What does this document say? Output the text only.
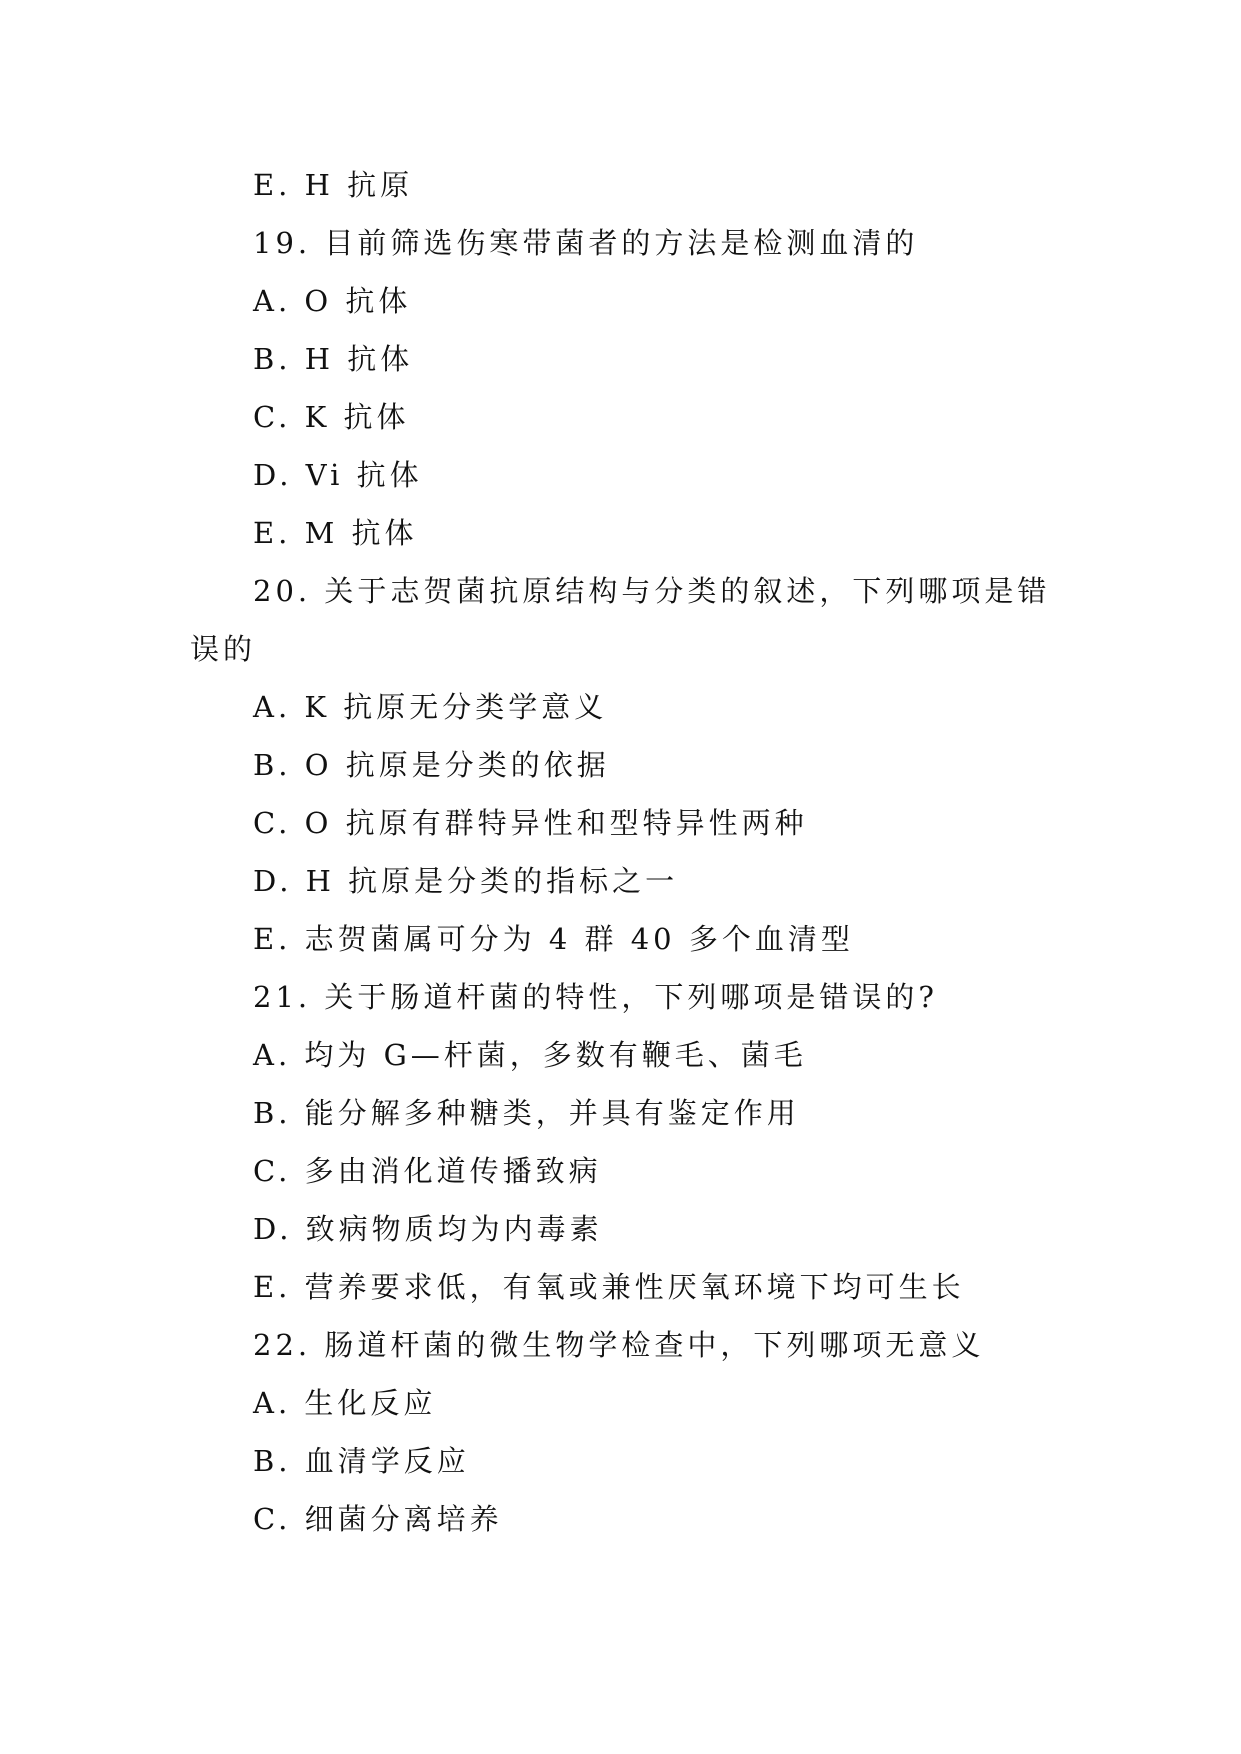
E. H 抗原
19. 目前筛选伤寒带菌者的方法是检测血清的
A. O 抗体
B. H 抗体
C. K 抗体
D. Vi 抗体
E. M 抗体
20. 关于志贺菌抗原结构与分类的叙述，下列哪项是错
误的
A. K 抗原无分类学意义
B. O 抗原是分类的依据
C. O 抗原有群特异性和型特异性两种
D. H 抗原是分类的指标之一
E. 志贺菌属可分为 4 群 40 多个血清型
21. 关于肠道杆菌的特性，下列哪项是错误的?
A. 均为 G—杆菌，多数有鞭毛、菌毛
B. 能分解多种糖类，并具有鉴定作用
C. 多由消化道传播致病
D. 致病物质均为内毒素
E. 营养要求低，有氧或兼性厌氧环境下均可生长
22. 肠道杆菌的微生物学检查中，下列哪项无意义
A. 生化反应
B. 血清学反应
C. 细菌分离培养
